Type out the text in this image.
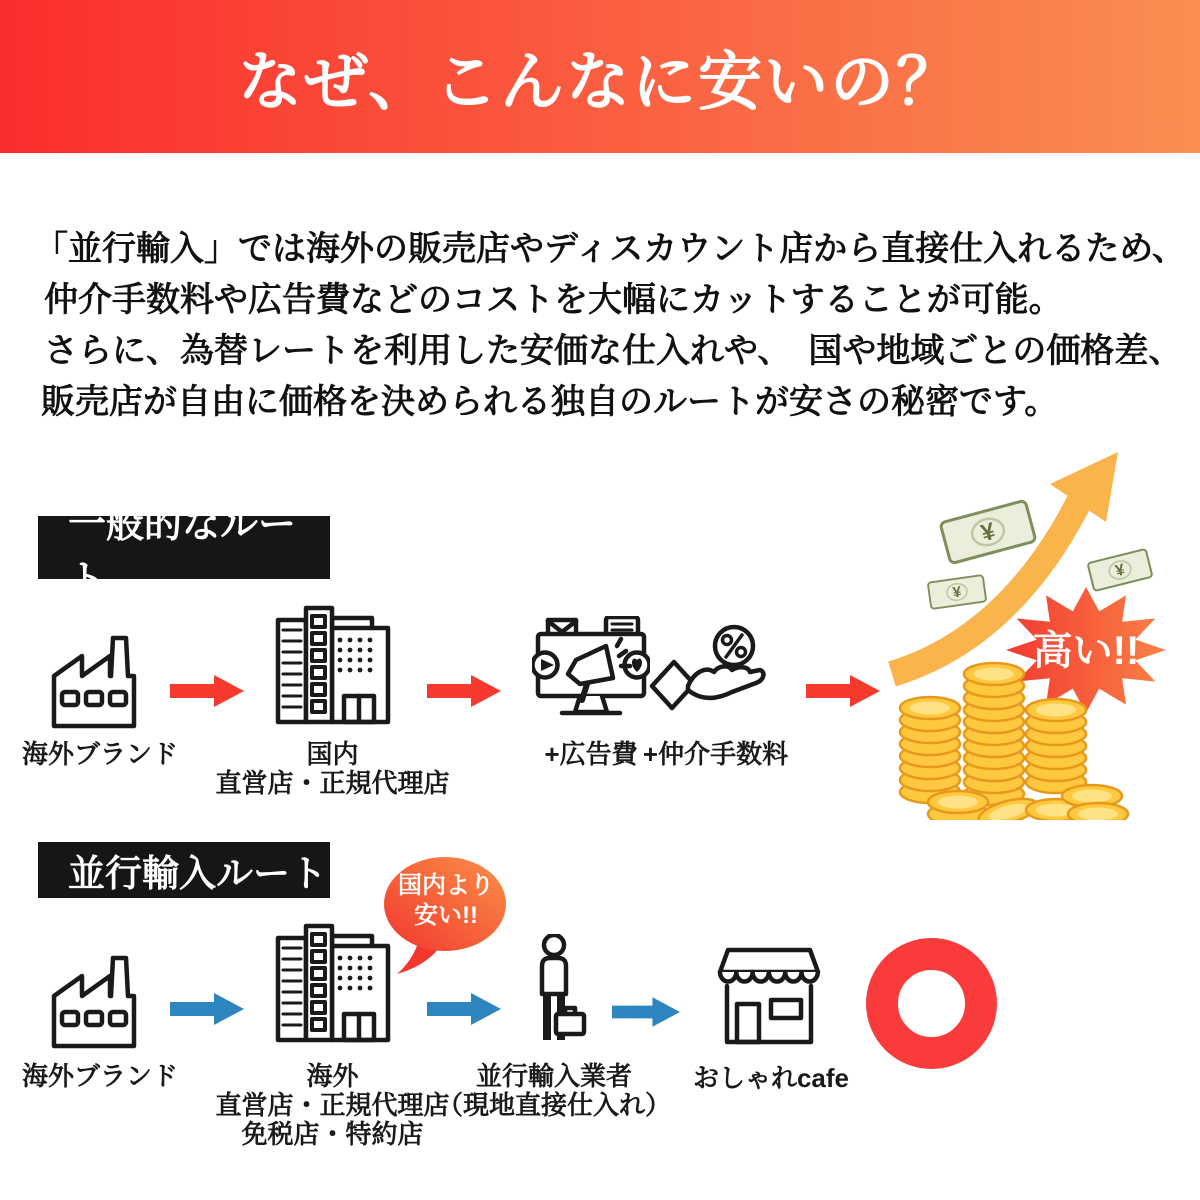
なぜ、こんなに安いの？
「並行輸入」では海外の販売店やディスカウント店から直接仕入れるため、
仲介手数料や広告費などのコストを大幅にカットすることが可能。
さらに、為替レートを利用した安価な仕入れや、　国や地域ごとの価格差、
販売店が自由に価格を決められる独自のルートが安さの秘密です。
一般的なルート
海外ブランド	国内
直営店・正規代理店
+広告費 +仲介手数料
¥
¥
¥
高い!!
並行輸入ルート	国内より
安い!!
海外ブランド	海外
直営店・正規代理店
免税店・特約店
並行輸入業者
（現地直接仕入れ）
おしゃれcafe
